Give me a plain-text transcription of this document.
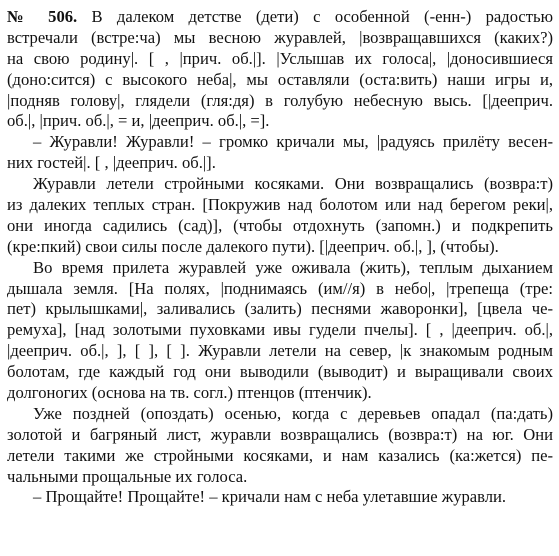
№ 506. В далеком детстве (дети) с особенной (-енн-) радостью
встречали (встре:ча) мы весною журавлей, |возвращавшихся (каких?)
на свою родину|. [ , |прич. об.|]. |Услышав их голоса|, |доносившиеся
(доно:сится) с высокого неба|, мы оставляли (оста:вить) наши игры и,
|подняв голову|, глядели (гля:дя) в голубую небесную высь. [|дееприч.
об.|, |прич. об.|, = и, |дееприч. об.|, =].
– Журавли! Журавли! – громко кричали мы, |радуясь прилёту весен-
них гостей|. [ , |дееприч. об.|].
Журавли летели стройными косяками. Они возвращались (возвра:т)
из далеких теплых стран. [Покружив над болотом или над берегом реки|,
они иногда садились (сад)], (чтобы отдохнуть (запомн.) и подкрепить
(кре:пкий) свои силы после далекого пути). [|дееприч. об.|, ], (чтобы).
Во время прилета журавлей уже оживала (жить), теплым дыханием
дышала земля. [На полях, |поднимаясь (им//я) в небо|, |трепеща (тре:
пет) крылышками|, заливались (залить) песнями жаворонки], [цвела че-
ремуха], [над золотыми пуховками ивы гудели пчелы]. [ , |дееприч. об.|,
|дееприч. об.|, ], [ ], [ ]. Журавли летели на север, |к знакомым родным
болотам, где каждый год они выводили (выводит) и выращивали своих
долгоногих (основа на тв. согл.) птенцов (птенчик).
Уже поздней (опоздать) осенью, когда с деревьев опадал (па:дать)
золотой и багряный лист, журавли возвращались (возвра:т) на юг. Они
летели такими же стройными косяками, и нам казались (ка:жется) пе-
чальными прощальные их голоса.
– Прощайте! Прощайте! – кричали нам с неба улетавшие журавли.
